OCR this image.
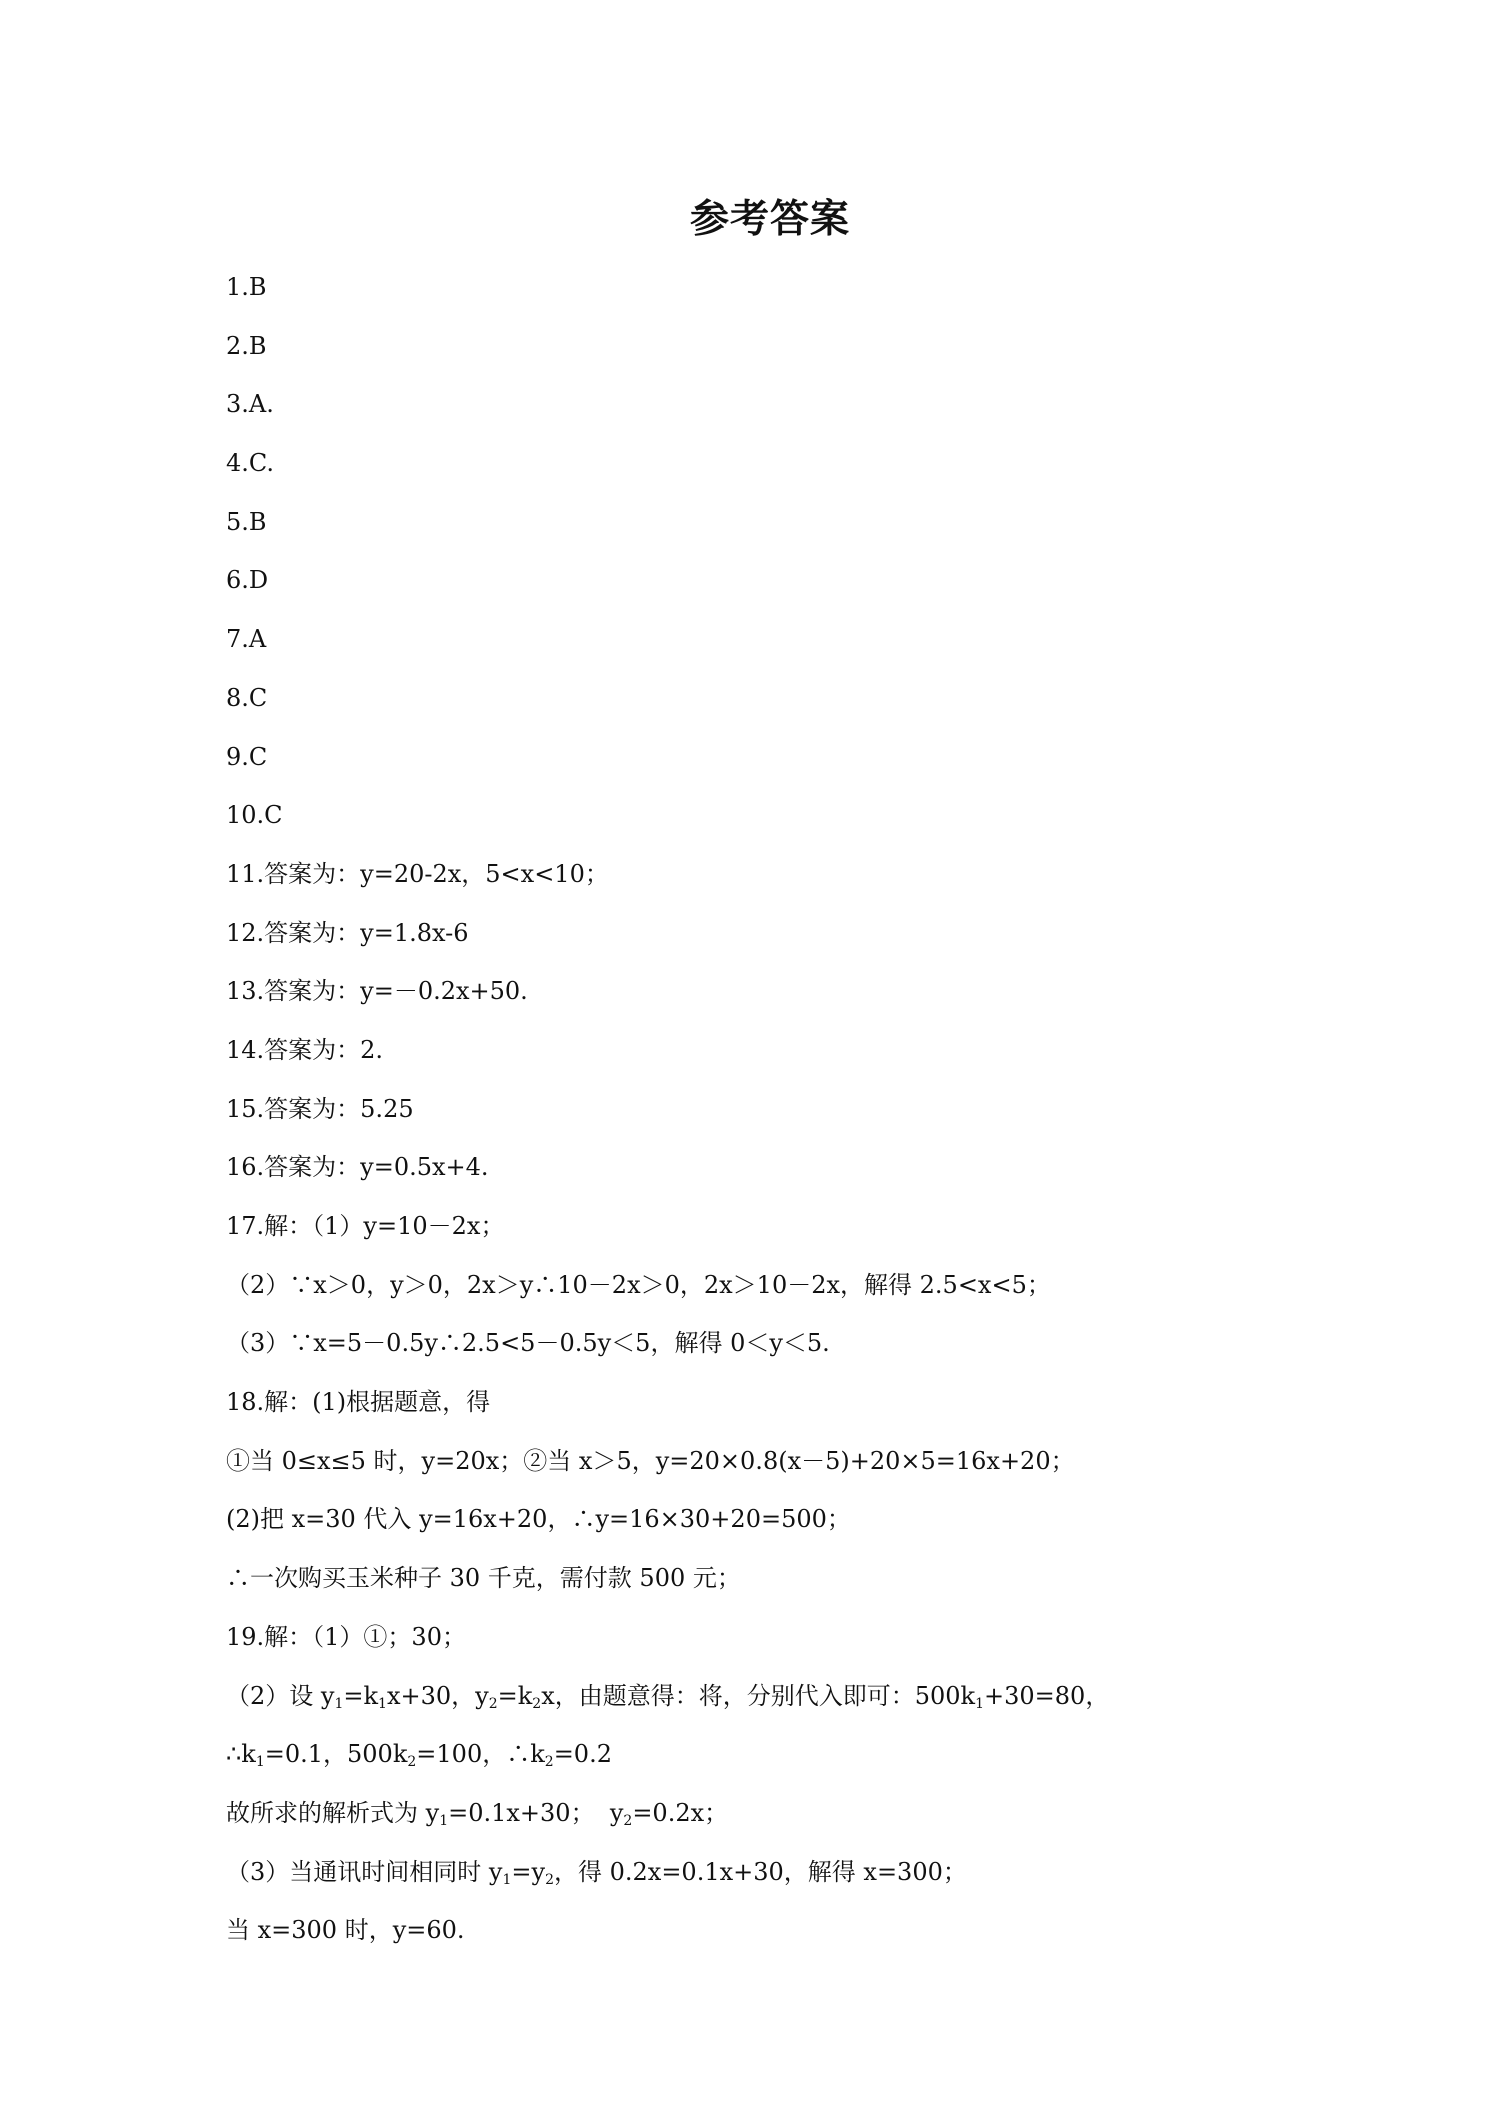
参考答案
1.B
2.B
3.A.
4.C.
5.B
6.D
7.A
8.C
9.C
10.C
11.答案为：y=20-2x，5<x<10；
12.答案为：y=1.8x-6
13.答案为：y=－0.2x+50.
14.答案为：2.
15.答案为：5.25
16.答案为：y=0.5x+4.
17.解：（1）y=10－2x；
（2）∵x＞0，y＞0，2x＞y∴10－2x＞0，2x＞10－2x，解得 2.5<x<5；
（3）∵x=5－0.5y∴2.5<5－0.5y＜5，解得 0＜y＜5.
18.解：(1)根据题意，得
①当 0≤x≤5 时，y=20x；②当 x＞5，y=20×0.8(x－5)+20×5=16x+20；
(2)把 x=30 代入 y=16x+20，∴y=16×30+20=500；
∴一次购买玉米种子 30 千克，需付款 500 元；
19.解：（1）①；30；
（2）设 $y_1=k_1x+30$，$y_2=k_2x$，由题意得：将，分别代入即可：$500k_1+30=80$，
$\therefore k_1=0.1$，$500k_2=100$，$\therefore k_2=0.2$
故所求的解析式为 $y_1=0.1x+30$；  $y_2=0.2x$；
（3）当通讯时间相同时 $y_1=y_2$，得 0.2x=0.1x+30，解得 x=300；
当 x=300 时，y=60.
